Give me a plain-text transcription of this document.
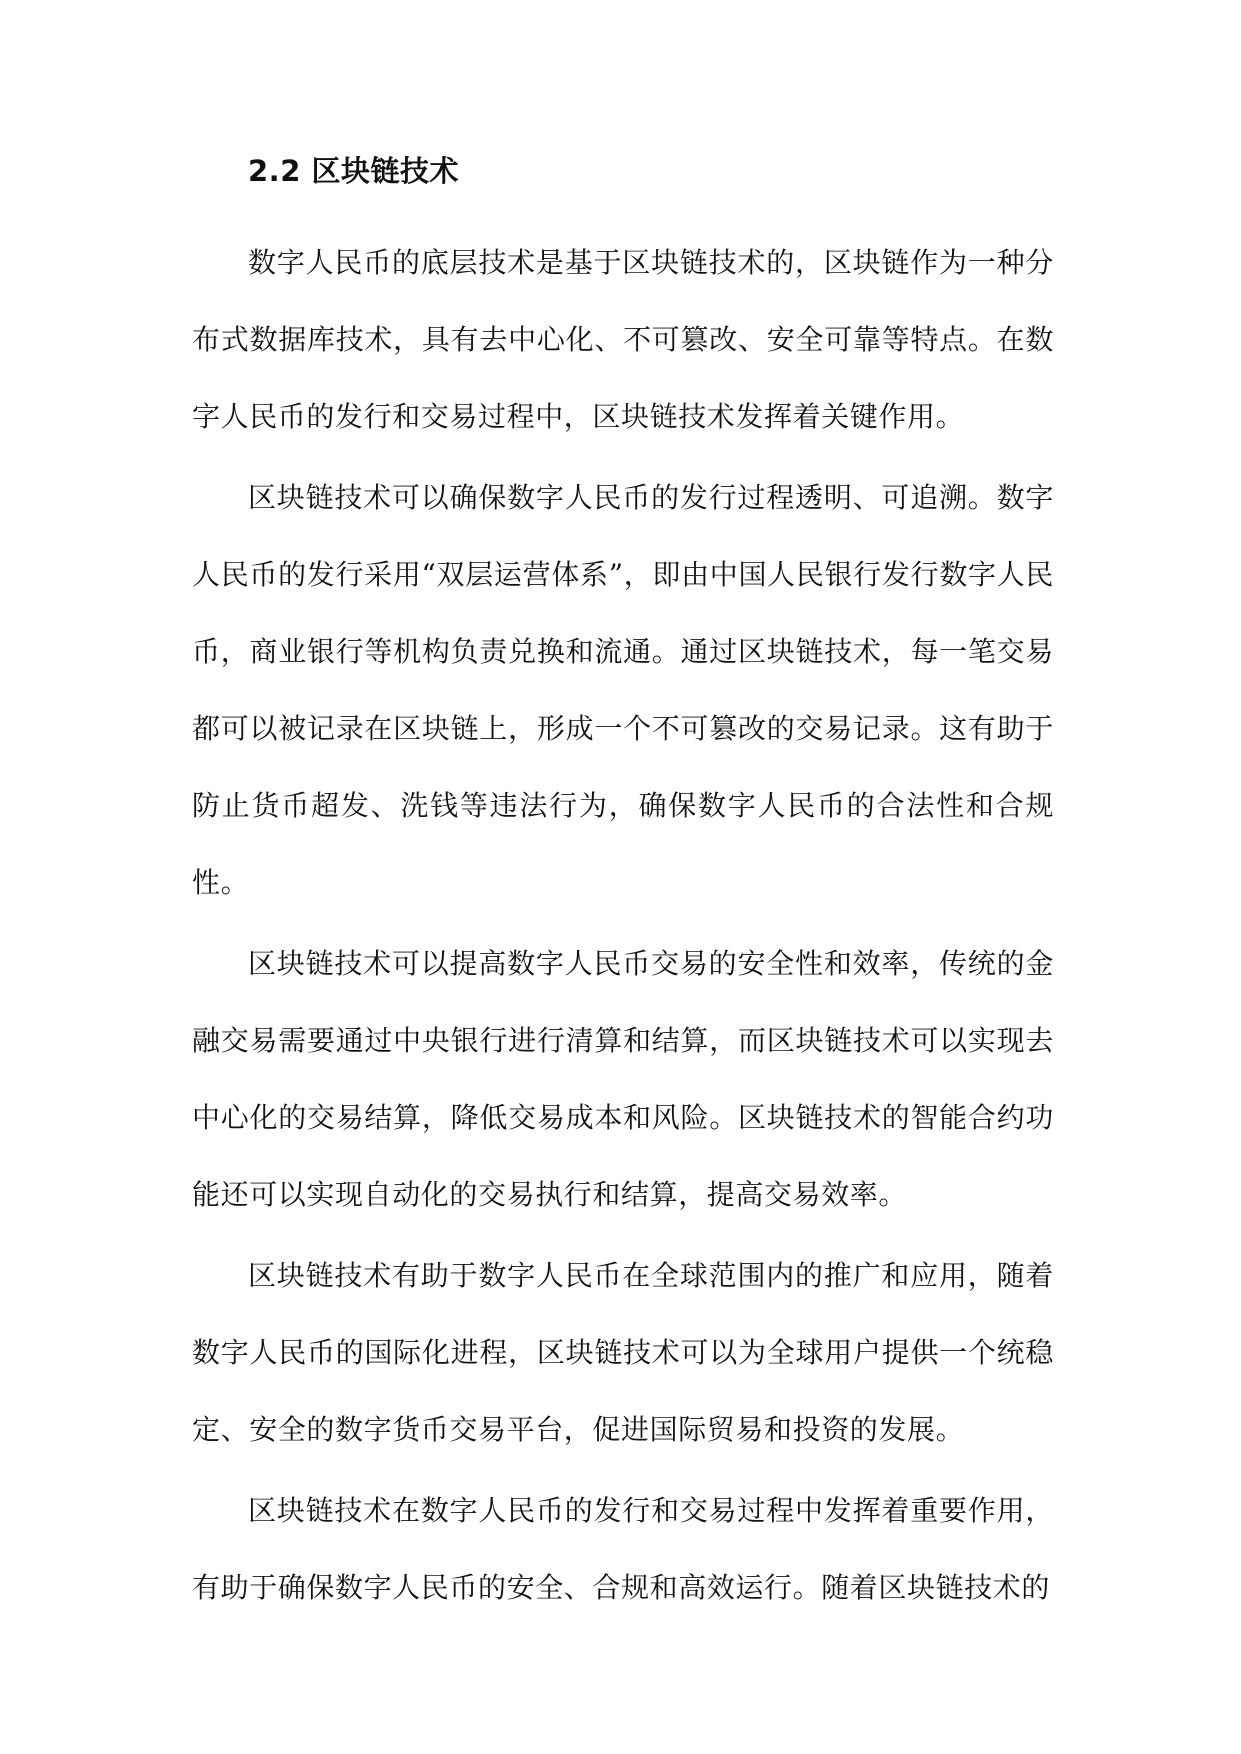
2.2 区块链技术

数字人民币的底层技术是基于区块链技术的，区块链作为一种分布式数据库技术，具有去中心化、不可篡改、安全可靠等特点。在数字人民币的发行和交易过程中，区块链技术发挥着关键作用。

区块链技术可以确保数字人民币的发行过程透明、可追溯。数字人民币的发行采用“双层运营体系”，即由中国人民银行发行数字人民币，商业银行等机构负责兑换和流通。通过区块链技术，每一笔交易都可以被记录在区块链上，形成一个不可篡改的交易记录。这有助于防止货币超发、洗钱等违法行为，确保数字人民币的合法性和合规性。

区块链技术可以提高数字人民币交易的安全性和效率，传统的金融交易需要通过中央银行进行清算和结算，而区块链技术可以实现去中心化的交易结算，降低交易成本和风险。区块链技术的智能合约功能还可以实现自动化的交易执行和结算，提高交易效率。

区块链技术有助于数字人民币在全球范围内的推广和应用，随着数字人民币的国际化进程，区块链技术可以为全球用户提供一个统稳定、安全的数字货币交易平台，促进国际贸易和投资的发展。

区块链技术在数字人民币的发行和交易过程中发挥着重要作用，有助于确保数字人民币的安全、合规和高效运行。随着区块链技术的
